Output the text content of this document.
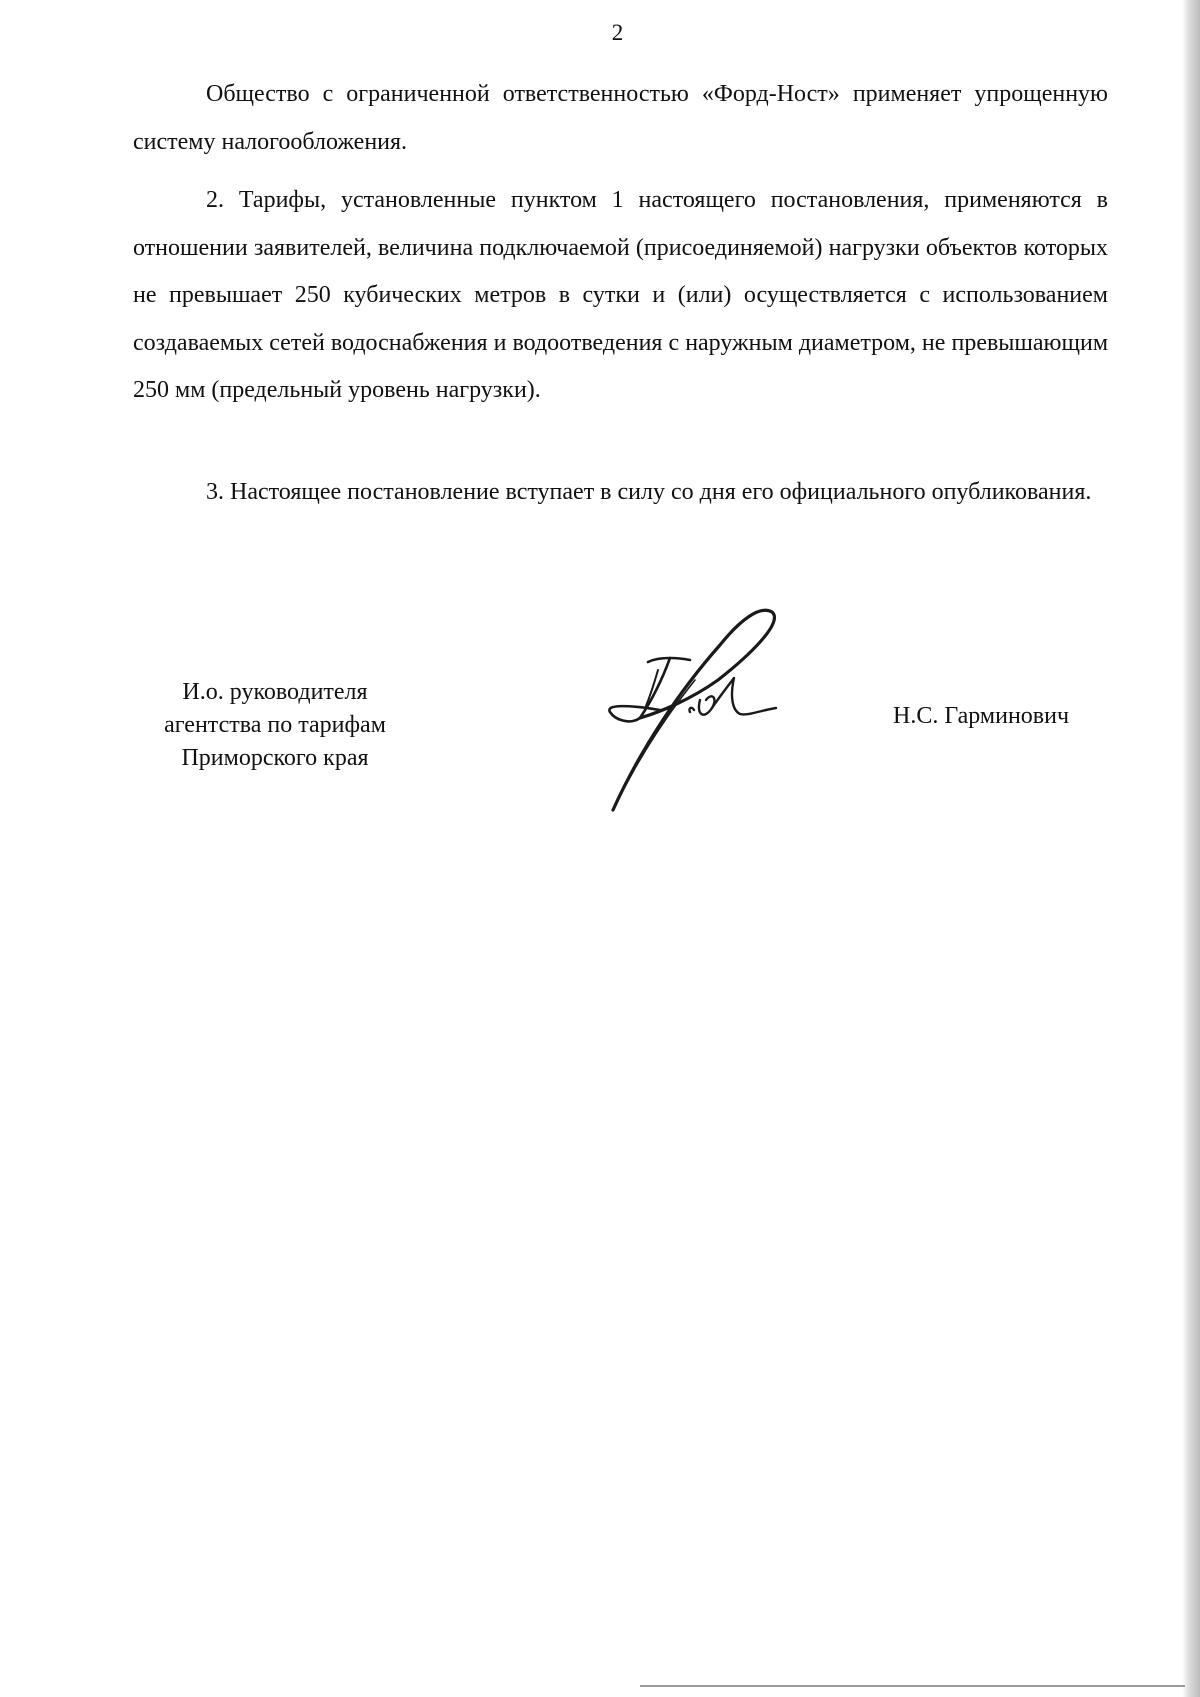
2

Общество с ограниченной ответственностью «Форд-Ност» применяет упрощенную систему налогообложения.

2. Тарифы, установленные пунктом 1 настоящего постановления, применяются в отношении заявителей, величина подключаемой (присоединяемой) нагрузки объектов которых не превышает 250 кубических метров в сутки и (или) осуществляется с использованием создаваемых сетей водоснабжения и водоотведения с наружным диаметром, не превышающим 250 мм (предельный уровень нагрузки).

3. Настоящее постановление вступает в силу со дня его официального опубликования.

И.о. руководителя
агентства по тарифам
Приморского края
Н.С. Гарминович
